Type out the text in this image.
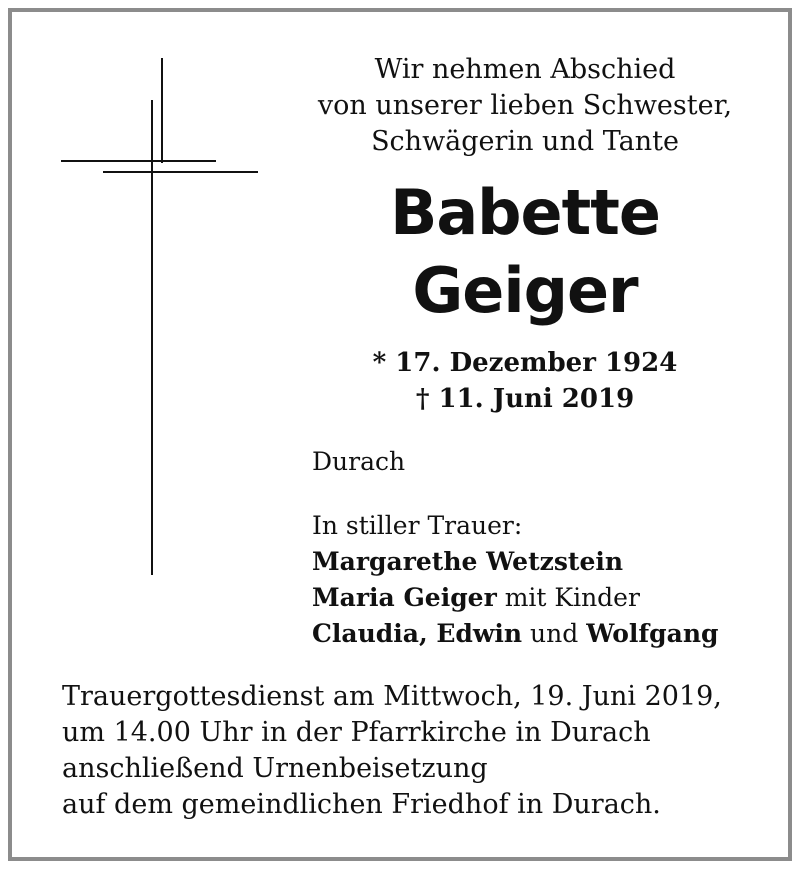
Wir nehmen Abschied
von unserer lieben Schwester,
Schwägerin und Tante
Babette
Geiger
* 17. Dezember 1924
† 11. Juni 2019
Durach
In stiller Trauer:
Margarethe Wetzstein
Maria Geiger mit Kinder
Claudia, Edwin und Wolfgang
Trauergottesdienst am Mittwoch, 19. Juni 2019,
um 14.00 Uhr in der Pfarrkirche in Durach
anschließend Urnenbeisetzung
auf dem gemeindlichen Friedhof in Durach.
